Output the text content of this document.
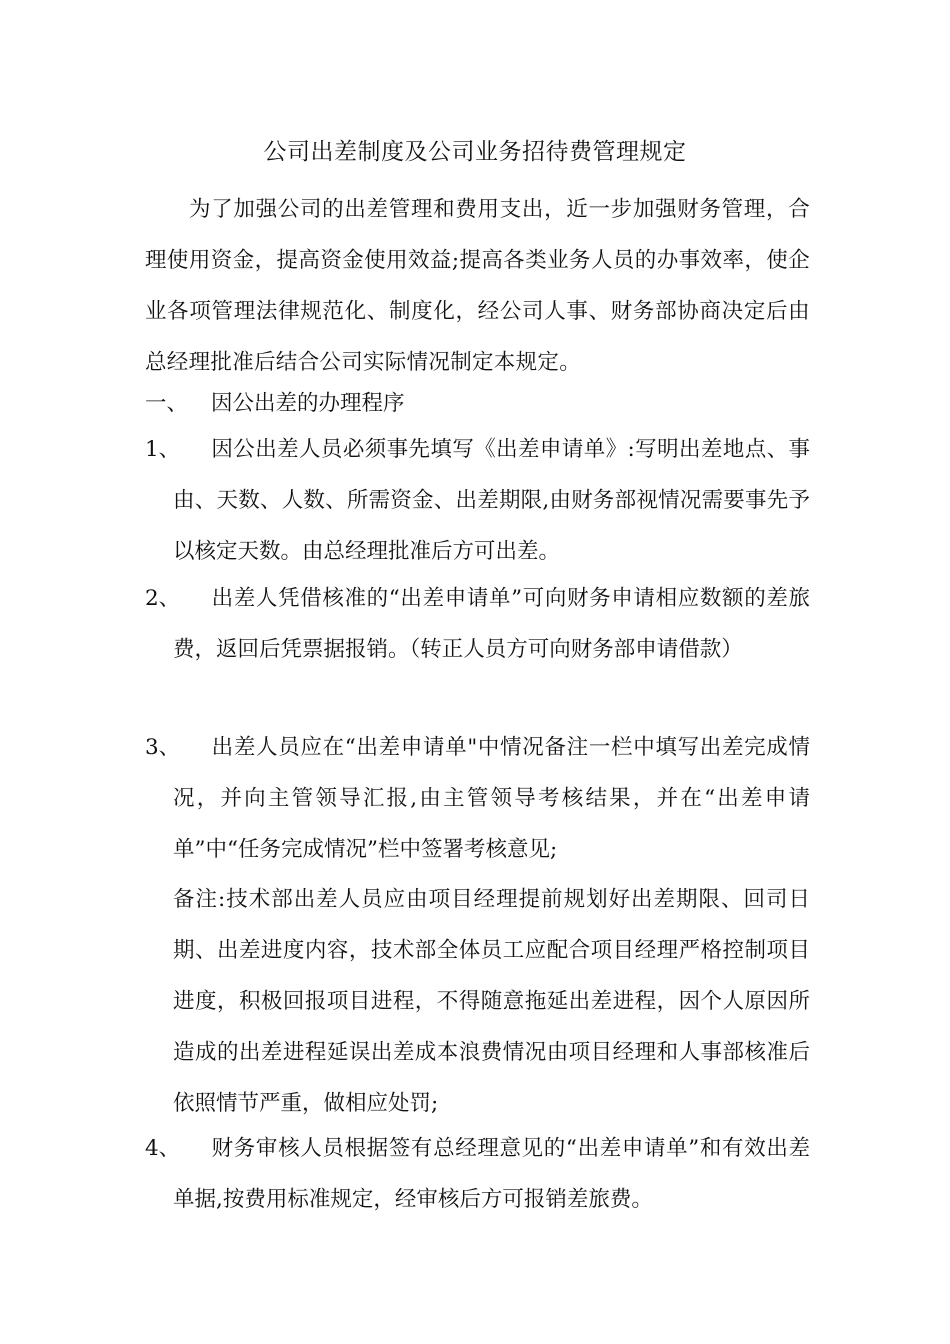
公司出差制度及公司业务招待费管理规定

为了加强公司的出差管理和费用支出，近一步加强财务管理，合理使用资金，提高资金使用效益;提高各类业务人员的办事效率，使企业各项管理法律规范化、制度化，经公司人事、财务部协商决定后由总经理批准后结合公司实际情况制定本规定。

一、 因公出差的办理程序

1、 因公出差人员必须事先填写《出差申请单》:写明出差地点、事由、天数、人数、所需资金、出差期限,由财务部视情况需要事先予以核定天数。由总经理批准后方可出差。

2、 出差人凭借核准的“出差申请单”可向财务申请相应数额的差旅费，返回后凭票据报销。（转正人员方可向财务部申请借款）

3、 出差人员应在“出差申请单"中情况备注一栏中填写出差完成情况，并向主管领导汇报,由主管领导考核结果，并在“出差申请单”中“任务完成情况”栏中签署考核意见;

备注:技术部出差人员应由项目经理提前规划好出差期限、回司日期、出差进度内容，技术部全体员工应配合项目经理严格控制项目进度，积极回报项目进程，不得随意拖延出差进程，因个人原因所造成的出差进程延误出差成本浪费情况由项目经理和人事部核准后依照情节严重，做相应处罚;

4、 财务审核人员根据签有总经理意见的“出差申请单”和有效出差单据,按费用标准规定，经审核后方可报销差旅费。
